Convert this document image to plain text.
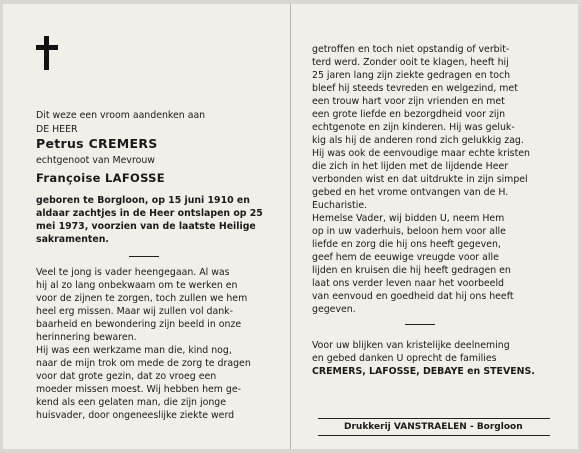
Dit weze een vroom aandenken aan
DE HEER
Petrus CREMERS
echtgenoot van Mevrouw
Françoise LAFOSSE
geboren te Borgloon, op 15 juni 1910 en
aldaar zachtjes in de Heer ontslapen op 25
mei 1973, voorzien van de laatste Heilige
sakramenten.
Veel te jong is vader heengegaan. Al was
hij al zo lang onbekwaam om te werken en
voor de zijnen te zorgen, toch zullen we hem
heel erg missen. Maar wij zullen vol dank-
baarheid en bewondering zijn beeld in onze
herinnering bewaren.
Hij was een werkzame man die, kind nog,
naar de mijn trok om mede de zorg te dragen
voor dat grote gezin, dat zo vroeg een
moeder missen moest. Wij hebben hem ge-
kend als een gelaten man, die zijn jonge
huisvader, door ongeneeslijke ziekte werd
getroffen en toch niet opstandig of verbit-
terd werd. Zonder ooit te klagen, heeft hij
25 jaren lang zijn ziekte gedragen en toch
bleef hij steeds tevreden en welgezind, met
een trouw hart voor zijn vrienden en met
een grote liefde en bezorgdheid voor zijn
echtgenote en zijn kinderen. Hij was geluk-
kig als hij de anderen rond zich gelukkig zag.
Hij was ook de eenvoudige maar echte kristen
die zich in het lijden met de lijdende Heer
verbonden wist en dat uitdrukte in zijn simpel
gebed en het vrome ontvangen van de H.
Eucharistie.
Hemelse Vader, wij bidden U, neem Hem
op in uw vaderhuis, beloon hem voor alle
liefde en zorg die hij ons heeft gegeven,
geef hem de eeuwige vreugde voor alle
lijden en kruisen die hij heeft gedragen en
laat ons verder leven naar het voorbeeld
van eenvoud en goedheid dat hij ons heeft
gegeven.
Voor uw blijken van kristelijke deelneming
en gebed danken U oprecht de families
CREMERS, LAFOSSE, DEBAYE en STEVENS.
Drukkerij VANSTRAELEN - Borgloon
